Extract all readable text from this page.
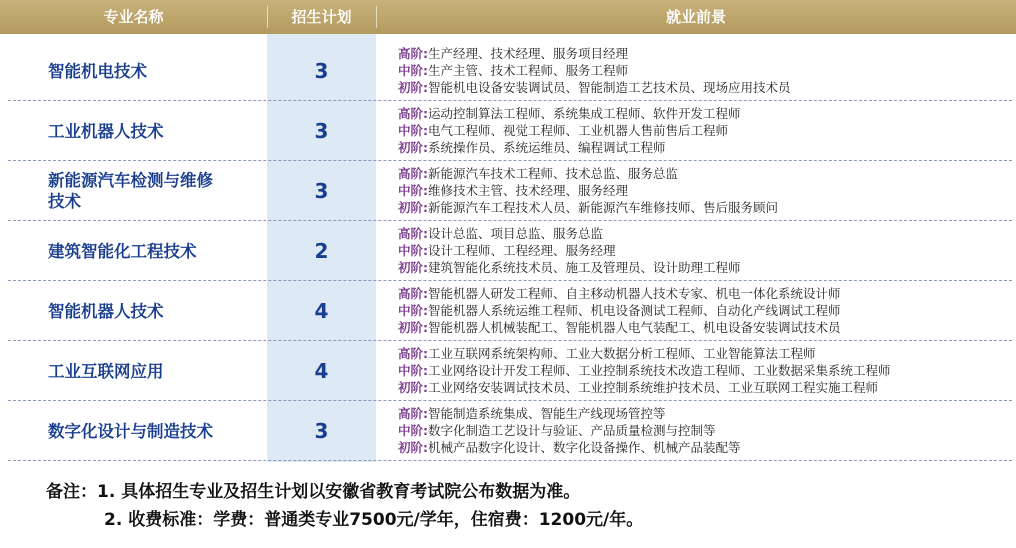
专业名称	招生计划	就业前景
智能机电技术	3
高阶:生产经理、技术经理、服务项目经理
中阶:生产主管、技术工程师、服务工程师
初阶:智能机电设备安装调试员、智能制造工艺技术员、现场应用技术员
工业机器人技术	3
高阶:运动控制算法工程师、系统集成工程师、软件开发工程师
中阶:电气工程师、视觉工程师、工业机器人售前售后工程师
初阶:系统操作员、系统运维员、编程调试工程师
新能源汽车检测与维修技术	3
高阶:新能源汽车技术工程师、技术总监、服务总监
中阶:维修技术主管、技术经理、服务经理
初阶:新能源汽车工程技术人员、新能源汽车维修技师、售后服务顾问
建筑智能化工程技术	2
高阶:设计总监、项目总监、服务总监
中阶:设计工程师、工程经理、服务经理
初阶:建筑智能化系统技术员、施工及管理员、设计助理工程师
智能机器人技术	4
高阶:智能机器人研发工程师、自主移动机器人技术专家、机电一体化系统设计师
中阶:智能机器人系统运维工程师、机电设备测试工程师、自动化产线调试工程师
初阶:智能机器人机械装配工、智能机器人电气装配工、机电设备安装调试技术员
工业互联网应用	4
高阶:工业互联网系统架构师、工业大数据分析工程师、工业智能算法工程师
中阶:工业网络设计开发工程师、工业控制系统技术改造工程师、工业数据采集系统工程师
初阶:工业网络安装调试技术员、工业控制系统维护技术员、工业互联网工程实施工程师
数字化设计与制造技术	3
高阶:智能制造系统集成、智能生产线现场管控等
中阶:数字化制造工艺设计与验证、产品质量检测与控制等
初阶:机械产品数字化设计、数字化设备操作、机械产品装配等
备注：1. 具体招生专业及招生计划以安徽省教育考试院公布数据为准。
2. 收费标准：学费：普通类专业7500元/学年，住宿费：1200元/年。
